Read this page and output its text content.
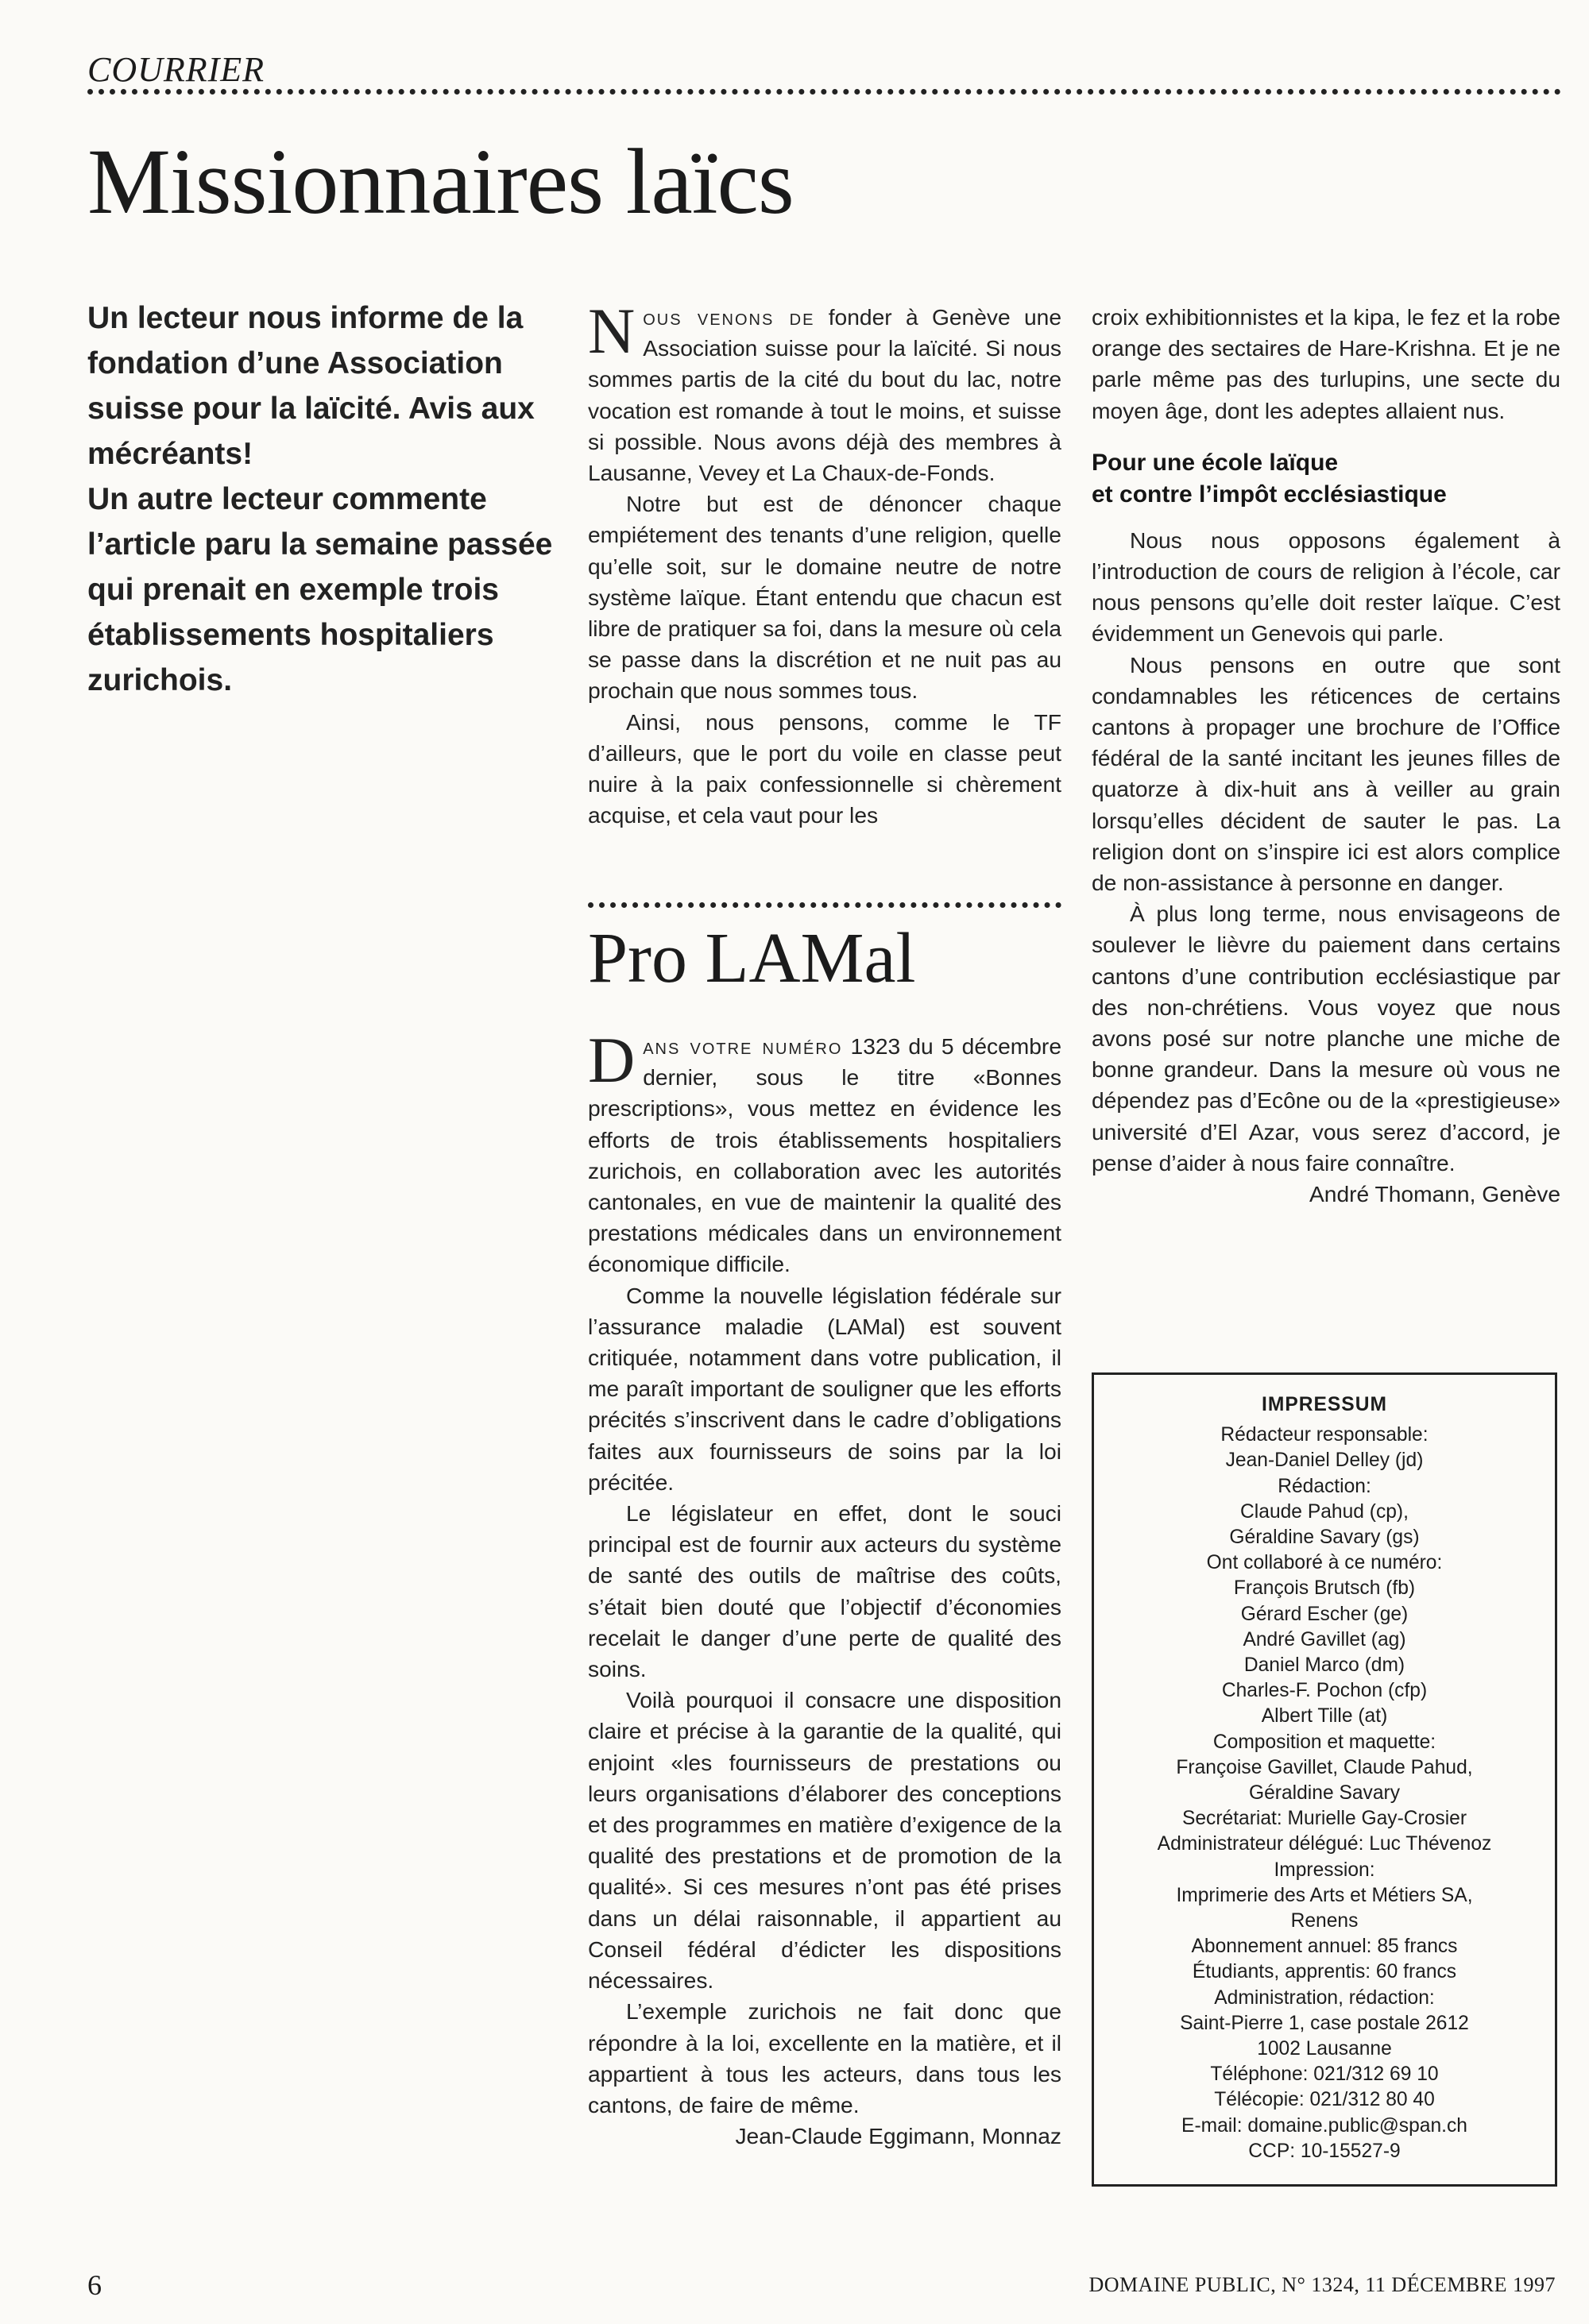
COURRIER
Missionnaires laïcs

Un lecteur nous informe de la fondation d’une Association suisse pour la laïcité. Avis aux mécréants!

Un autre lecteur commente l’article paru la semaine passée qui prenait en exemple trois établissements hospitaliers zurichois.

Nous venons de fonder à Genève une Association suisse pour la laïcité. Si nous sommes partis de la cité du bout du lac, notre vocation est romande à tout le moins, et suisse si possible. Nous avons déjà des membres à Lausanne, Vevey et La Chaux-de-Fonds.

Notre but est de dénoncer chaque empiétement des tenants d’une religion, quelle qu’elle soit, sur le domaine neutre de notre système laïque. Étant entendu que chacun est libre de pratiquer sa foi, dans la mesure où cela se passe dans la discrétion et ne nuit pas au prochain que nous sommes tous.

Ainsi, nous pensons, comme le TF d’ailleurs, que le port du voile en classe peut nuire à la paix confessionnelle si chèrement acquise, et cela vaut pour les

Pro LAMal

Dans votre numéro 1323 du 5 décembre dernier, sous le titre «Bonnes prescriptions», vous mettez en évidence les efforts de trois établissements hospitaliers zurichois, en collaboration avec les autorités cantonales, en vue de maintenir la qualité des prestations médicales dans un environnement économique difficile.

Comme la nouvelle législation fédérale sur l’assurance maladie (LAMal) est souvent critiquée, notamment dans votre publication, il me paraît important de souligner que les efforts précités s’inscrivent dans le cadre d’obligations faites aux fournisseurs de soins par la loi précitée.

Le législateur en effet, dont le souci principal est de fournir aux acteurs du système de santé des outils de maîtrise des coûts, s’était bien douté que l’objectif d’économies recelait le danger d’une perte de qualité des soins.

Voilà pourquoi il consacre une disposition claire et précise à la garantie de la qualité, qui enjoint «les fournisseurs de prestations ou leurs organisations d’élaborer des conceptions et des programmes en matière d’exigence de la qualité des prestations et de promotion de la qualité». Si ces mesures n’ont pas été prises dans un délai raisonnable, il appartient au Conseil fédéral d’édicter les dispositions nécessaires.

L’exemple zurichois ne fait donc que répondre à la loi, excellente en la matière, et il appartient à tous les acteurs, dans tous les cantons, de faire de même.

Jean-Claude Eggimann, Monnaz

croix exhibitionnistes et la kipa, le fez et la robe orange des sectaires de Hare-Krishna. Et je ne parle même pas des turlupins, une secte du moyen âge, dont les adeptes allaient nus.

Pour une école laïque
et contre l’impôt ecclésiastique

Nous nous opposons également à l’introduction de cours de religion à l’école, car nous pensons qu’elle doit rester laïque. C’est évidemment un Genevois qui parle.

Nous pensons en outre que sont condamnables les réticences de certains cantons à propager une brochure de l’Office fédéral de la santé incitant les jeunes filles de quatorze à dix-huit ans à veiller au grain lorsqu’elles décident de sauter le pas. La religion dont on s’inspire ici est alors complice de non-assistance à personne en danger.

À plus long terme, nous envisageons de soulever le lièvre du paiement dans certains cantons d’une contribution ecclésiastique par des non-chrétiens. Vous voyez que nous avons posé sur notre planche une miche de bonne grandeur. Dans la mesure où vous ne dépendez pas d’Ecône ou de la «prestigieuse» université d’El Azar, vous serez d’accord, je pense d’aider à nous faire connaître.

André Thomann, Genève

IMPRESSUM
Rédacteur responsable:
Jean-Daniel Delley (jd)
Rédaction:
Claude Pahud (cp),
Géraldine Savary (gs)
Ont collaboré à ce numéro:
François Brutsch (fb)
Gérard Escher (ge)
André Gavillet (ag)
Daniel Marco (dm)
Charles-F. Pochon (cfp)
Albert Tille (at)
Composition et maquette:
Françoise Gavillet, Claude Pahud,
Géraldine Savary
Secrétariat: Murielle Gay-Crosier
Administrateur délégué: Luc Thévenoz
Impression:
Imprimerie des Arts et Métiers SA,
Renens
Abonnement annuel: 85 francs
Étudiants, apprentis: 60 francs
Administration, rédaction:
Saint-Pierre 1, case postale 2612
1002 Lausanne
Téléphone: 021/312 69 10
Télécopie: 021/312 80 40
E-mail: domaine.public@span.ch
CCP: 10-15527-9
6	DOMAINE PUBLIC, N° 1324, 11 DÉCEMBRE 1997
